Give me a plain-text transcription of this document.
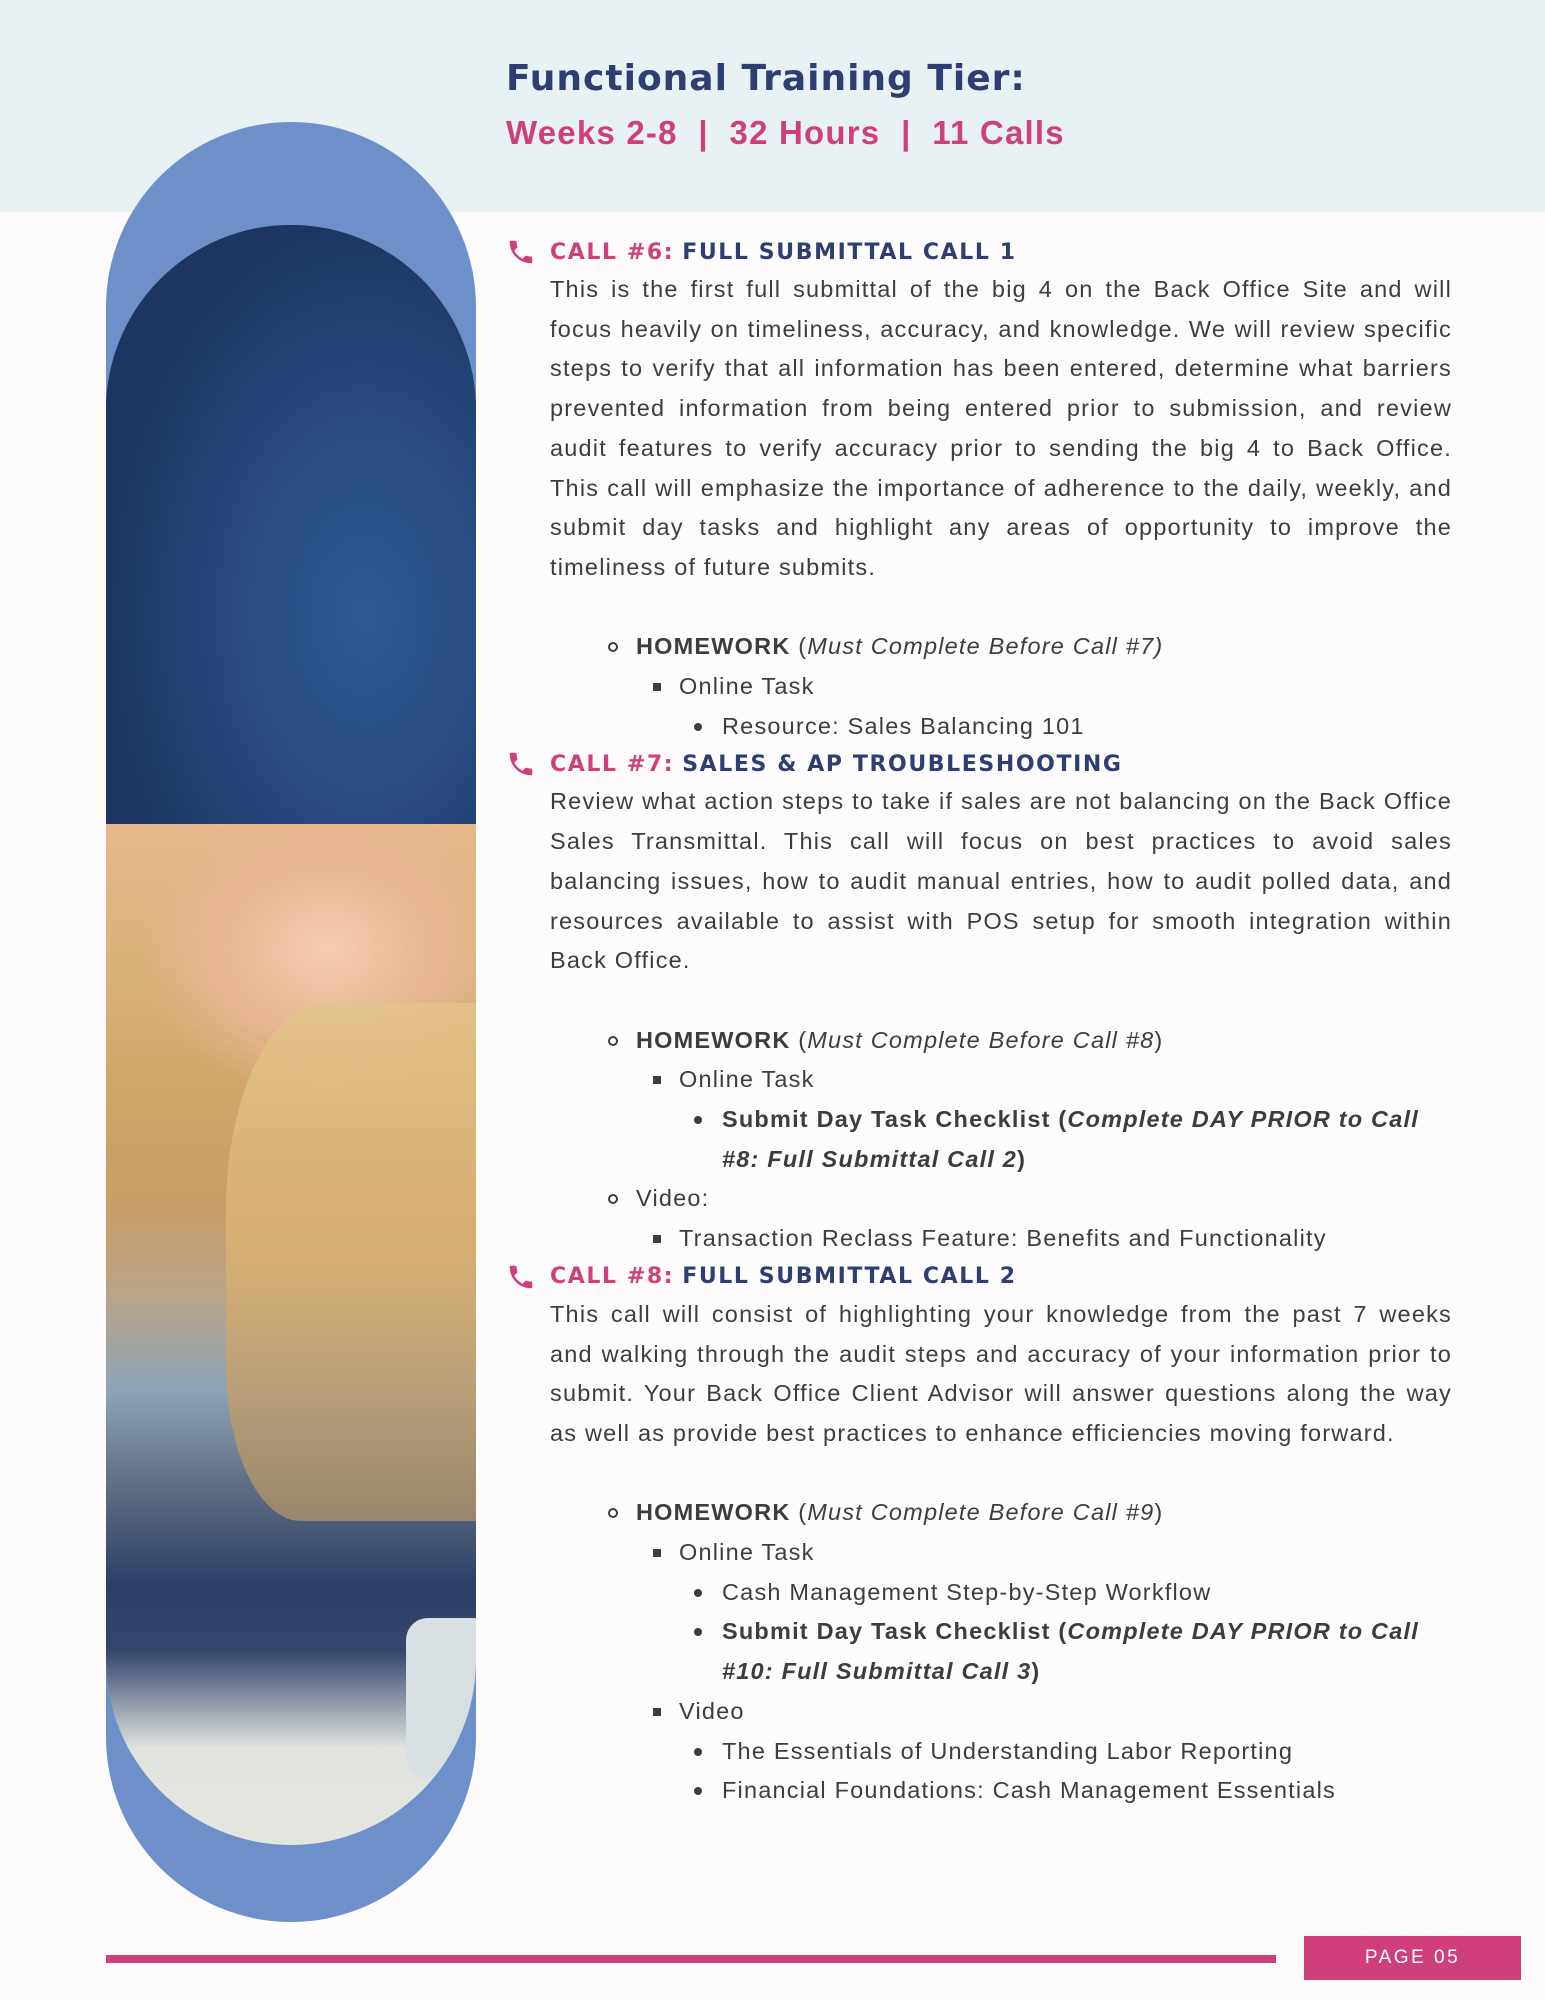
Functional Training Tier:
Weeks 2-8  |  32 Hours  |  11 Calls
CALL #6: FULL SUBMITTAL CALL 1
This is the first full submittal of the big 4 on the Back Office Site and will focus heavily on timeliness, accuracy, and knowledge. We will review specific steps to verify that all information has been entered, determine what barriers prevented information from being entered prior to submission, and review audit features to verify accuracy prior to sending the big 4 to Back Office. This call will emphasize the importance of adherence to the daily, weekly, and submit day tasks and highlight any areas of opportunity to improve the timeliness of future submits.
HOMEWORK (Must Complete Before Call #7)
Online Task
Resource: Sales Balancing 101
CALL #7: SALES & AP TROUBLESHOOTING
Review what action steps to take if sales are not balancing on the Back Office Sales Transmittal. This call will focus on best practices to avoid sales balancing issues, how to audit manual entries, how to audit polled data, and resources available to assist with POS setup for smooth integration within Back Office.
HOMEWORK (Must Complete Before Call #8)
Online Task
Submit Day Task Checklist (Complete DAY PRIOR to Call #8: Full Submittal Call 2)
Video:
Transaction Reclass Feature: Benefits and Functionality
CALL #8: FULL SUBMITTAL CALL 2
This call will consist of highlighting your knowledge from the past 7 weeks and walking through the audit steps and accuracy of your information prior to submit. Your Back Office Client Advisor will answer questions along the way as well as provide best practices to enhance efficiencies moving forward.
HOMEWORK (Must Complete Before Call #9)
Online Task
Cash Management Step-by-Step Workflow
Submit Day Task Checklist (Complete DAY PRIOR to Call #10: Full Submittal Call 3)
Video
The Essentials of Understanding Labor Reporting
Financial Foundations: Cash Management Essentials
PAGE 05
